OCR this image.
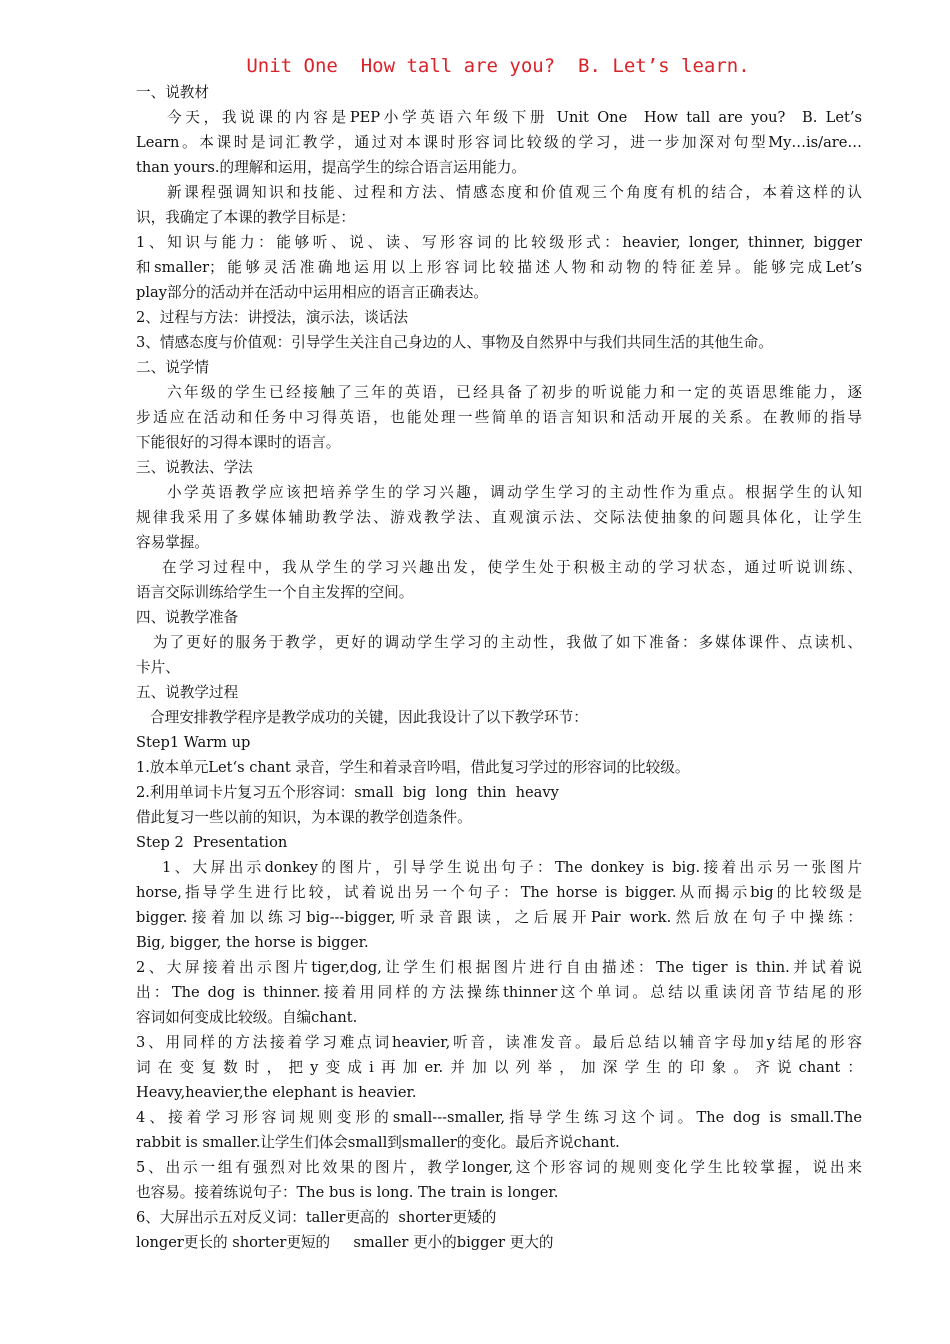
Unit One  How tall are you?  B. Let’s learn.
一、说教材
今天，我说课的内容是PEP小学英语六年级下册 Unit One  How tall are you?  B. Let’s
Learn。本课时是词汇教学，通过对本课时形容词比较级的学习，进一步加深对句型My…is/are…
than yours.的理解和运用，提高学生的综合语言运用能力。
新课程强调知识和技能、过程和方法、情感态度和价值观三个角度有机的结合，本着这样的认
识，我确定了本课的教学目标是：
1、知识与能力：能够听、说、读、写形容词的比较级形式：heavier, longer, thinner, bigger
和smaller；能够灵活准确地运用以上形容词比较描述人物和动物的特征差异。能够完成Let’s
play部分的活动并在活动中运用相应的语言正确表达。
2、过程与方法：讲授法，演示法，谈话法
3、情感态度与价值观：引导学生关注自己身边的人、事物及自然界中与我们共同生活的其他生命。
二、说学情
六年级的学生已经接触了三年的英语，已经具备了初步的听说能力和一定的英语思维能力，逐
步适应在活动和任务中习得英语，也能处理一些简单的语言知识和活动开展的关系。在教师的指导
下能很好的习得本课时的语言。
三、说教法、学法
小学英语教学应该把培养学生的学习兴趣，调动学生学习的主动性作为重点。根据学生的认知
规律我采用了多媒体辅助教学法、游戏教学法、直观演示法、交际法使抽象的问题具体化，让学生
容易掌握。
在学习过程中，我从学生的学习兴趣出发，使学生处于积极主动的学习状态，通过听说训练、
语言交际训练给学生一个自主发挥的空间。
四、说教学准备
为了更好的服务于教学，更好的调动学生学习的主动性，我做了如下准备：多媒体课件、点读机、
卡片、
五、说教学过程
合理安排教学程序是教学成功的关键，因此我设计了以下教学环节：
Step1 Warm up
1.放本单元Let‘s chant 录音，学生和着录音吟唱，借此复习学过的形容词的比较级。
2.利用单词卡片复习五个形容词：small  big  long  thin  heavy
借此复习一些以前的知识，为本课的教学创造条件。
Step 2  Presentation
1、大屏出示donkey的图片，引导学生说出句子：The donkey is big.接着出示另一张图片
horse,指导学生进行比较，试着说出另一个句子：The horse is bigger.从而揭示big的比较级是
bigger.接着加以练习big---bigger,听录音跟读，之后展开Pair work.然后放在句子中操练：
Big, bigger, the horse is bigger.
2、大屏接着出示图片tiger,dog,让学生们根据图片进行自由描述：The tiger is thin.并试着说
出：The dog is thinner.接着用同样的方法操练thinner这个单词。总结以重读闭音节结尾的形
容词如何变成比较级。自编chant.
3、用同样的方法接着学习难点词heavier,听音，读准发音。最后总结以辅音字母加y结尾的形容
词在变复数时，把y变成i再加er.并加以列举，加深学生的印象。齐说chant：
Heavy,heavier,the elephant is heavier.
4、接着学习形容词规则变形的small---smaller,指导学生练习这个词。The dog is small.The
rabbit is smaller.让学生们体会small到smaller的变化。最后齐说chant.
5、出示一组有强烈对比效果的图片，教学longer,这个形容词的规则变化学生比较掌握，说出来
也容易。接着练说句子：The bus is long. The train is longer.
6、大屏出示五对反义词：taller更高的  shorter更矮的
longer更长的 shorter更短的     smaller 更小的bigger 更大的
